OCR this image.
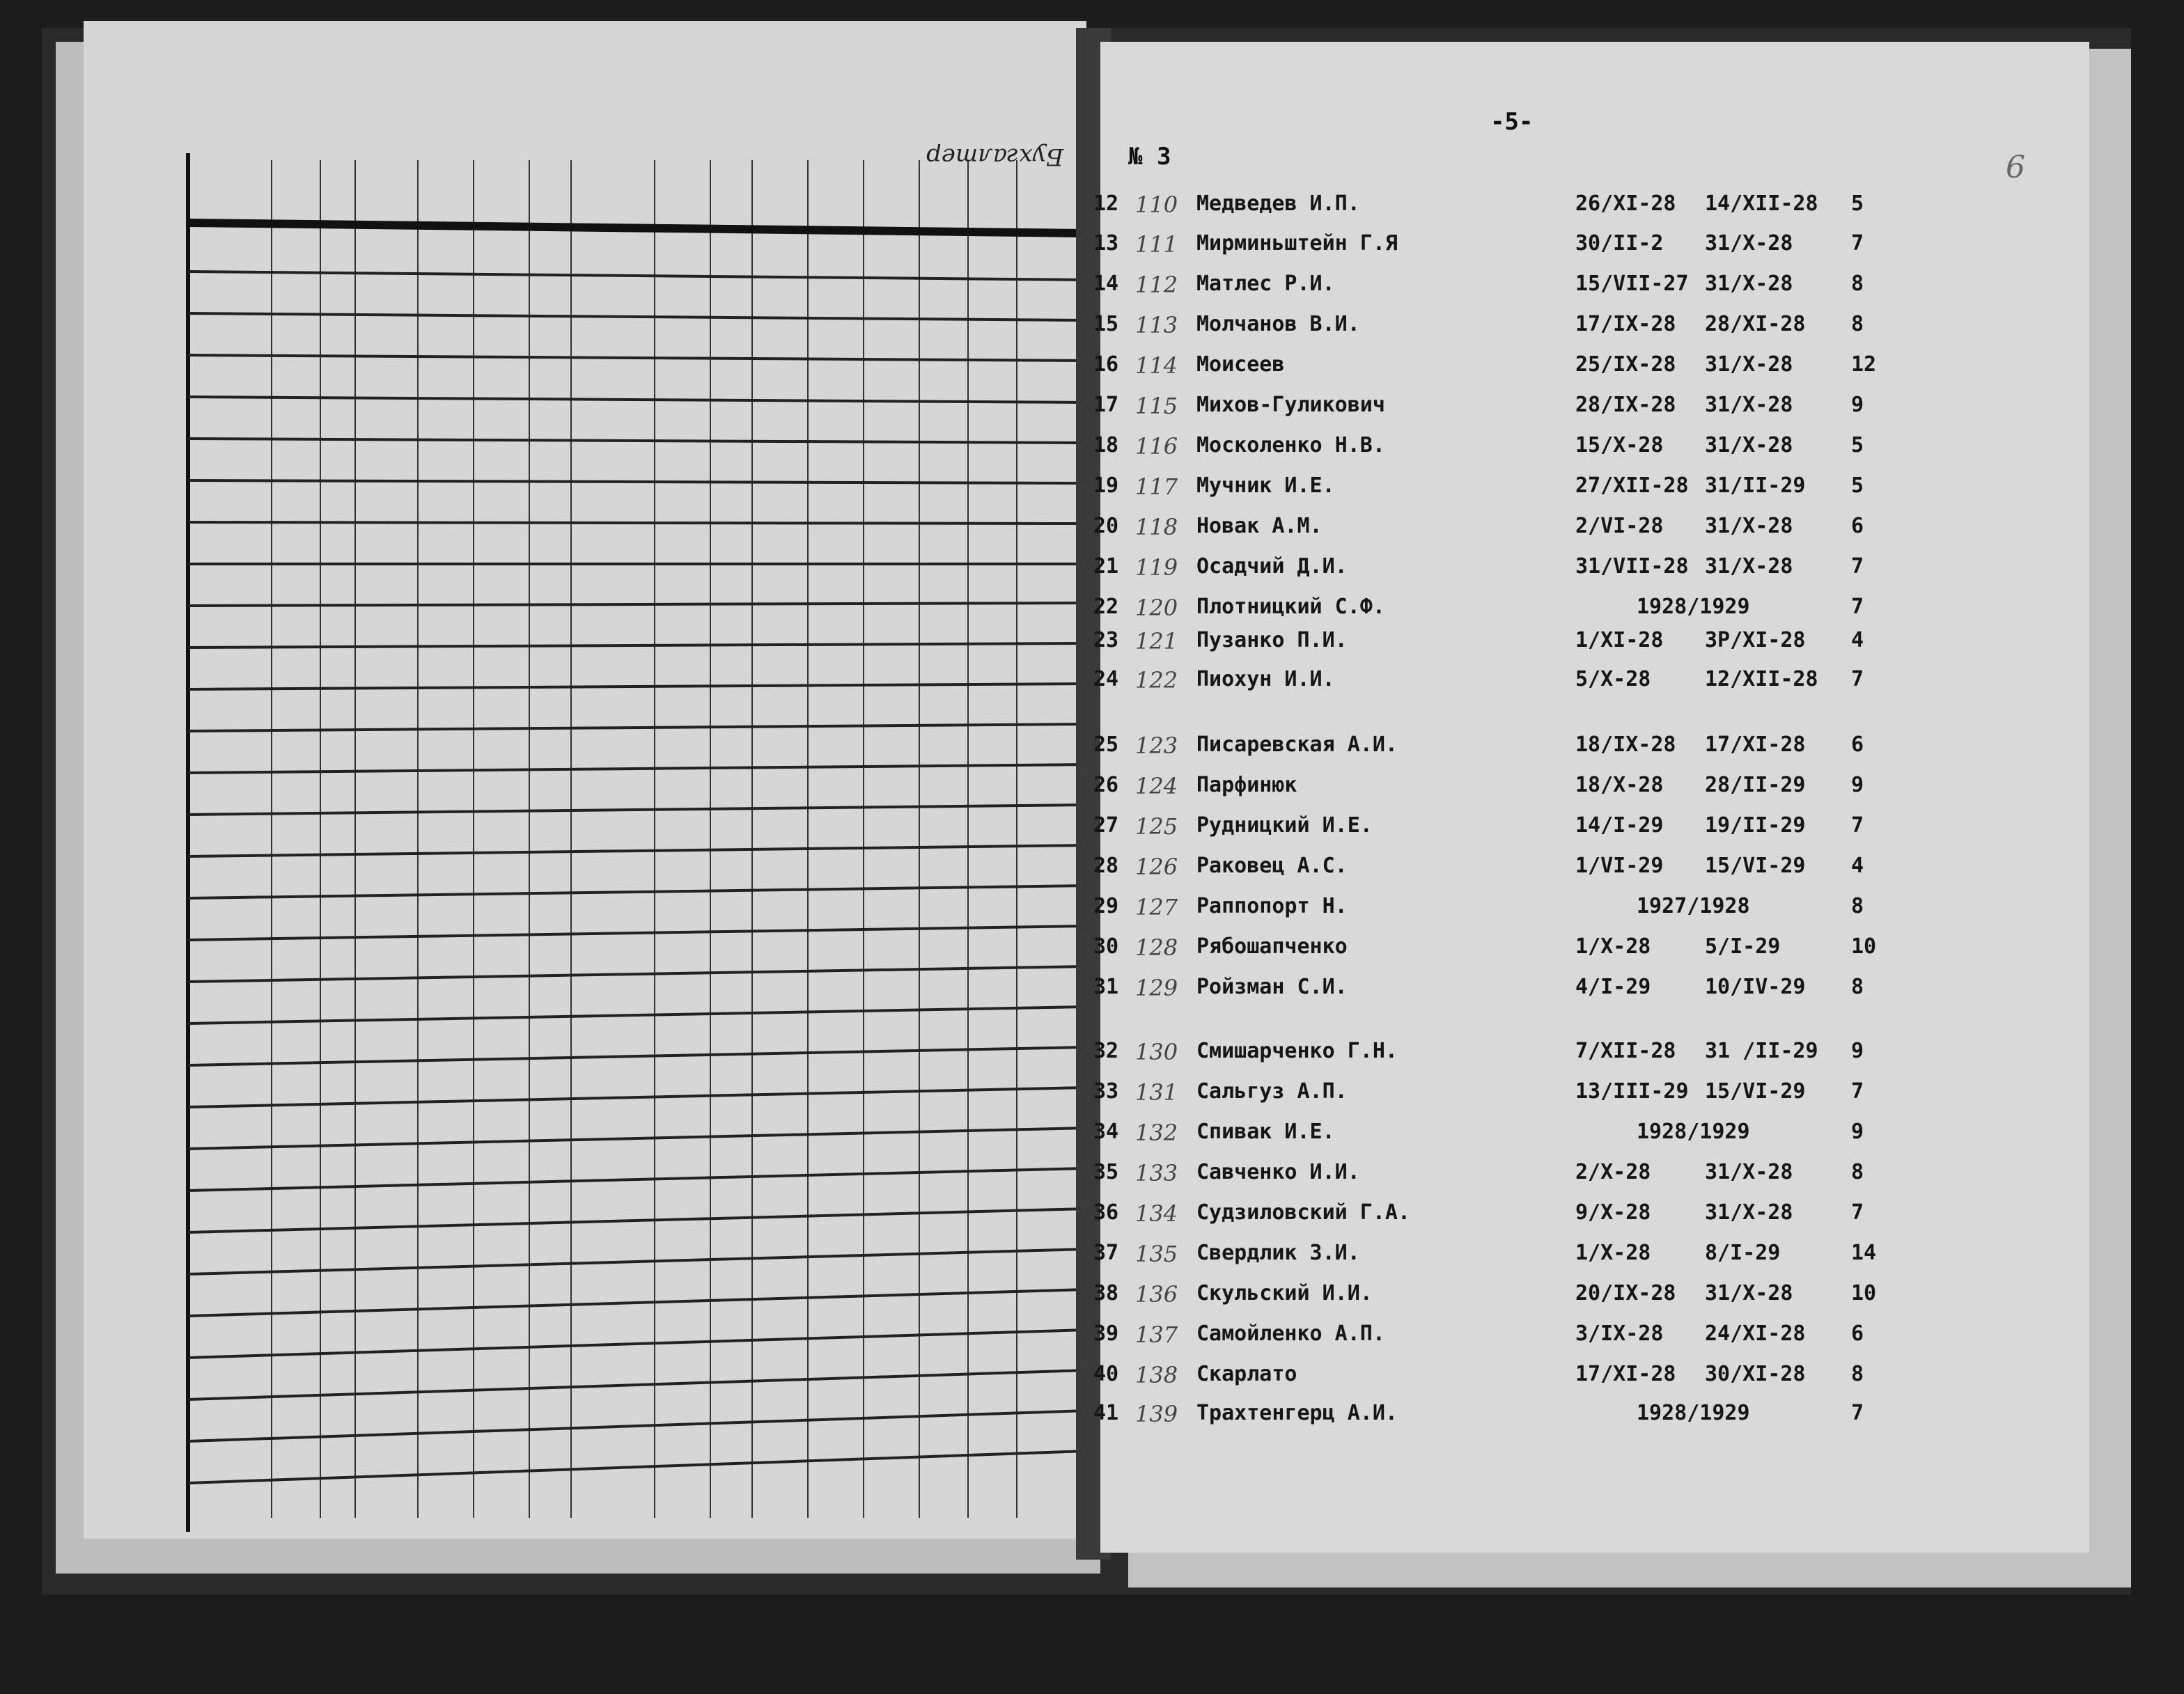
Бухгалтер
-5-
№ 3	6
12 110 Медведев И.П.	26/XI-28 14/XII-28 5
13 111 Мирминьштейн Г.Я	30/II-2 31/X-28	7
14 112 Матлес Р.И.	15/VII-27 31/X-28	8
15 113 Молчанов В.И.	17/IX-28 28/XI-28 8
16 114 Моисеев	25/IX-28 31/X-28	12
17 115 Михов-Гуликович	28/IX-28 31/X-28	9
18 116 Москоленко Н.В.	15/X-28 31/X-28	5
19 117 Мучник И.Е.	27/XII-28 31/II-29 5
20 118 Новак А.М.	2/VI-28 31/X-28	6
21 119 Осадчий Д.И.	31/VII-28 31/X-28	7
22 120 Плотницкий С.Ф.	1928/1929	7
23 121 Пузанко П.И.	1/XI-28 3P/XI-28 4
24 122 Пиохун И.И.	5/X-28	12/XII-28 7
25 123 Писаревская А.И.	18/IX-28 17/XI-28 6
26 124 Парфинюк	18/X-28 28/II-29 9
27 125 Рудницкий И.Е.	14/I-29 19/II-29 7
28 126 Раковец А.С.	1/VI-29 15/VI-29 4
29 127 Раппопорт Н.	1927/1928	8
30 128 Рябошапченко	1/X-28	5/I-29	10
31 129 Ройзман С.И.	4/I-29	10/IV-29 8
32 130 Смишарченко Г.Н.	7/XII-28 31 /II-29 9
33 131 Сальгуз А.П.	13/III-29 15/VI-29 7
34 132 Спивак И.Е.	1928/1929	9
35 133 Савченко И.И.	2/X-28	31/X-28	8
36 134 Судзиловский Г.А.	9/X-28	31/X-28	7
37 135 Свердлик З.И.	1/X-28	8/I-29	14
38 136 Скульский И.И.	20/IX-28 31/X-28	10
39 137 Самойленко А.П.	3/IX-28 24/XI-28 6
40 138 Скарлато	17/XI-28 30/XI-28 8
41 139 Трахтенгерц А.И.	1928/1929	7
